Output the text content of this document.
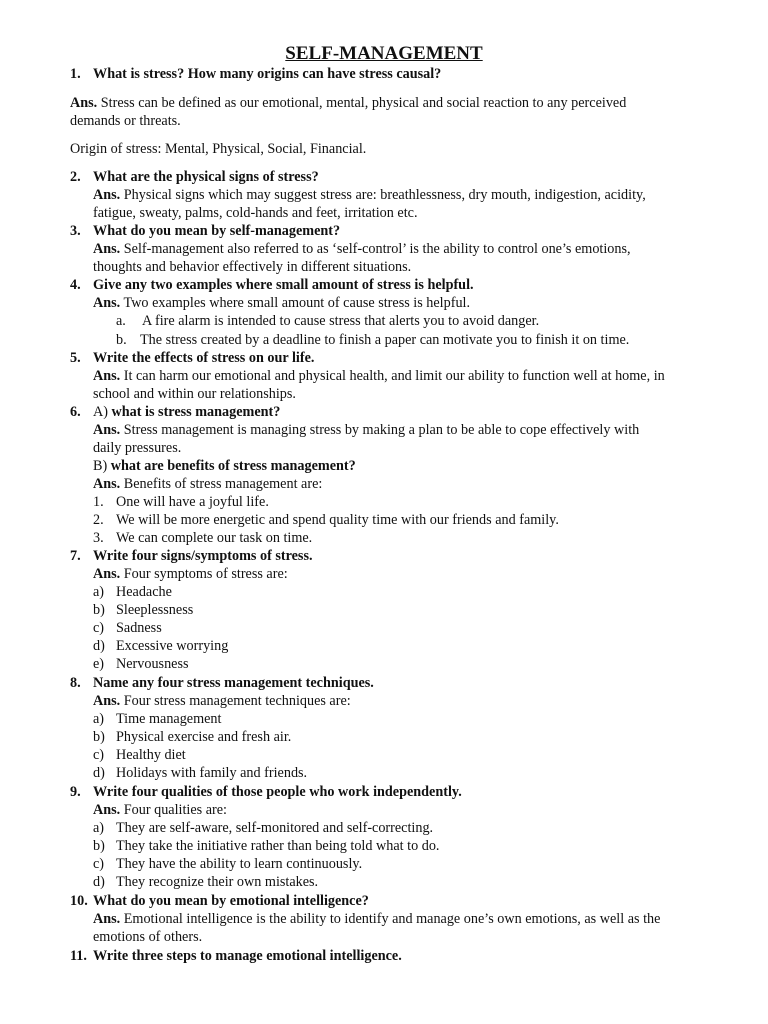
SELF-MANAGEMENT
1. What is stress? How many origins can have stress causal?
Ans. Stress can be defined as our emotional, mental, physical and social reaction to any perceived
demands or threats.
Origin of stress: Mental, Physical, Social, Financial.
2. What are the physical signs of stress?
Ans. Physical signs which may suggest stress are: breathlessness, dry mouth, indigestion, acidity,
fatigue, sweaty, palms, cold-hands and feet, irritation etc.
3. What do you mean by self-management?
Ans. Self-management also referred to as ‘self-control’ is the ability to control one’s emotions,
thoughts and behavior effectively in different situations.
4. Give any two examples where small amount of stress is helpful.
Ans. Two examples where small amount of cause stress is helpful.
a. A fire alarm is intended to cause stress that alerts you to avoid danger.
b. The stress created by a deadline to finish a paper can motivate you to finish it on time.
5. Write the effects of stress on our life.
Ans. It can harm our emotional and physical health, and limit our ability to function well at home, in
school and within our relationships.
6. A) what is stress management?
Ans. Stress management is managing stress by making a plan to be able to cope effectively with
daily pressures.
B) what are benefits of stress management?
Ans. Benefits of stress management are:
1. One will have a joyful life.
2. We will be more energetic and spend quality time with our friends and family.
3. We can complete our task on time.
7. Write four signs/symptoms of stress.
Ans. Four symptoms of stress are:
a) Headache
b) Sleeplessness
c) Sadness
d) Excessive worrying
e) Nervousness
8. Name any four stress management techniques.
Ans. Four stress management techniques are:
a) Time management
b) Physical exercise and fresh air.
c) Healthy diet
d) Holidays with family and friends.
9. Write four qualities of those people who work independently.
Ans. Four qualities are:
a) They are self-aware, self-monitored and self-correcting.
b) They take the initiative rather than being told what to do.
c) They have the ability to learn continuously.
d) They recognize their own mistakes.
10. What do you mean by emotional intelligence?
Ans. Emotional intelligence is the ability to identify and manage one’s own emotions, as well as the
emotions of others.
11. Write three steps to manage emotional intelligence.
